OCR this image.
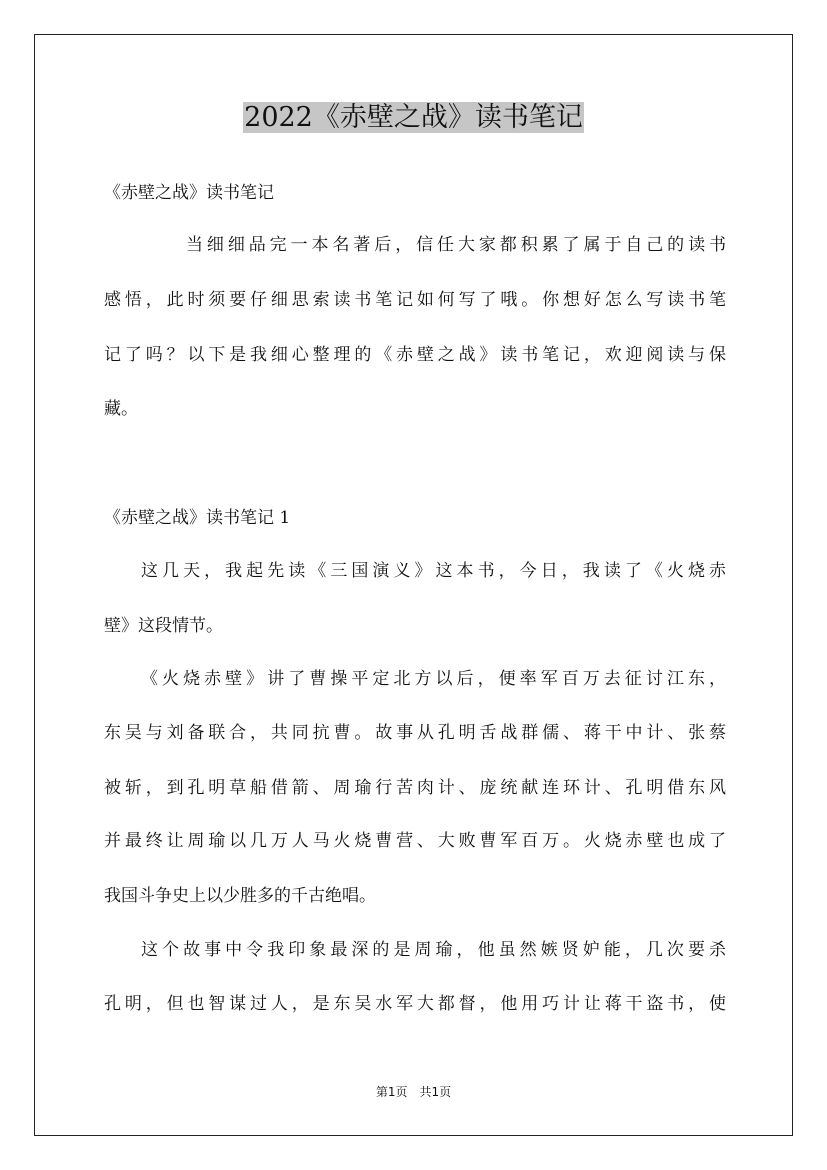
2022《赤壁之战》读书笔记
《赤壁之战》读书笔记
当细细品完一本名著后，信任大家都积累了属于自己的读书
感悟，此时须要仔细思索读书笔记如何写了哦。你想好怎么写读书笔
记了吗？以下是我细心整理的《赤壁之战》读书笔记，欢迎阅读与保
藏。
《赤壁之战》读书笔记 1
这几天，我起先读《三国演义》这本书，今日，我读了《火烧赤
壁》这段情节。
《火烧赤壁》讲了曹操平定北方以后，便率军百万去征讨江东，
东吴与刘备联合，共同抗曹。故事从孔明舌战群儒、蒋干中计、张蔡
被斩，到孔明草船借箭、周瑜行苦肉计、庞统献连环计、孔明借东风
并最终让周瑜以几万人马火烧曹营、大败曹军百万。火烧赤壁也成了
我国斗争史上以少胜多的千古绝唱。
这个故事中令我印象最深的是周瑜，他虽然嫉贤妒能，几次要杀
孔明，但也智谋过人，是东吴水军大都督，他用巧计让蒋干盗书，使
第1页　共1页
